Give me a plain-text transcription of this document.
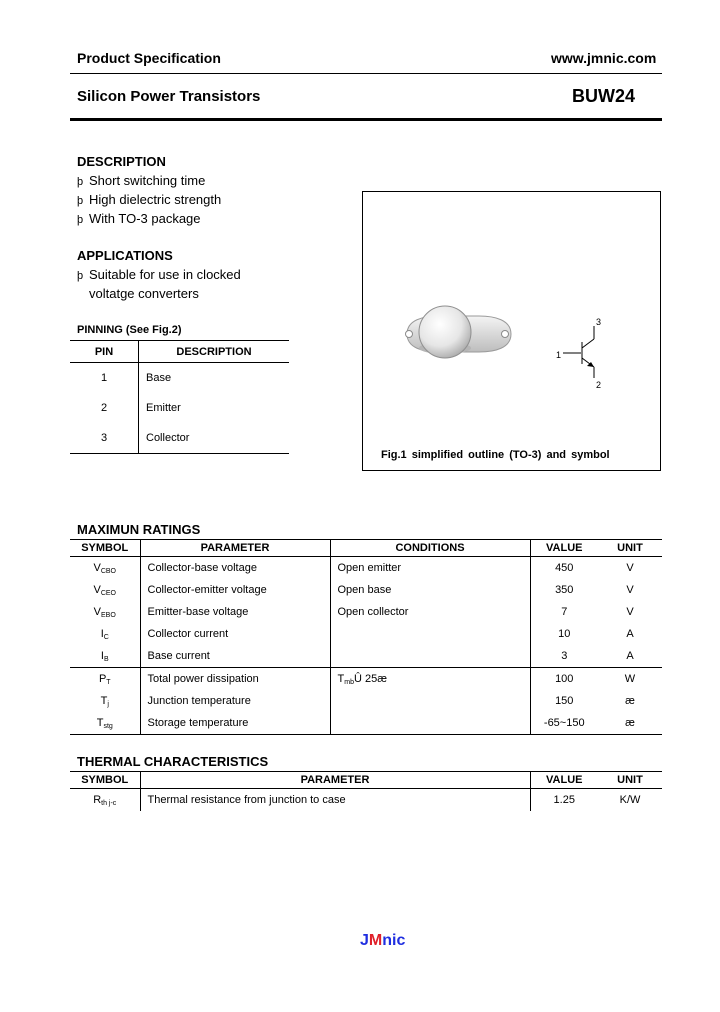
Product Specification	www.jmnic.com
Silicon Power Transistors	BUW24
DESCRIPTION
þ Short switching time
þ High dielectric strength
þ With TO-3 package
APPLICATIONS
þ Suitable for use in clocked
voltatge converters
PINNING (See Fig.2)
PIN	DESCRIPTION
1	Base
2	Emitter
3	Collector
3
1
2
Fig.1 simplified outline (TO-3) and symbol
MAXIMUN RATINGS
SYMBOL	PARAMETER	CONDITIONS	VALUE	UNIT
$V_{CBO}$	Collector-base voltage	Open emitter	450	V
$V_{CEO}$	Collector-emitter voltage	Open base	350	V
$V_{EBO}$	Emitter-base voltage	Open collector	7	V
$I_C$	Collector current		10	A
$I_B$	Base current		3	A
$P_T$	Total power dissipation	$T_{mb}Û$ 25æ	100	W
$T_j$	Junction temperature		150	æ
$T_{stg}$	Storage temperature		-65~150	æ
THERMAL CHARACTERISTICS
SYMBOL	PARAMETER	VALUE	UNIT
$R_{th j-c}$	Thermal resistance from junction to case	1.25	K/W
JMnic
